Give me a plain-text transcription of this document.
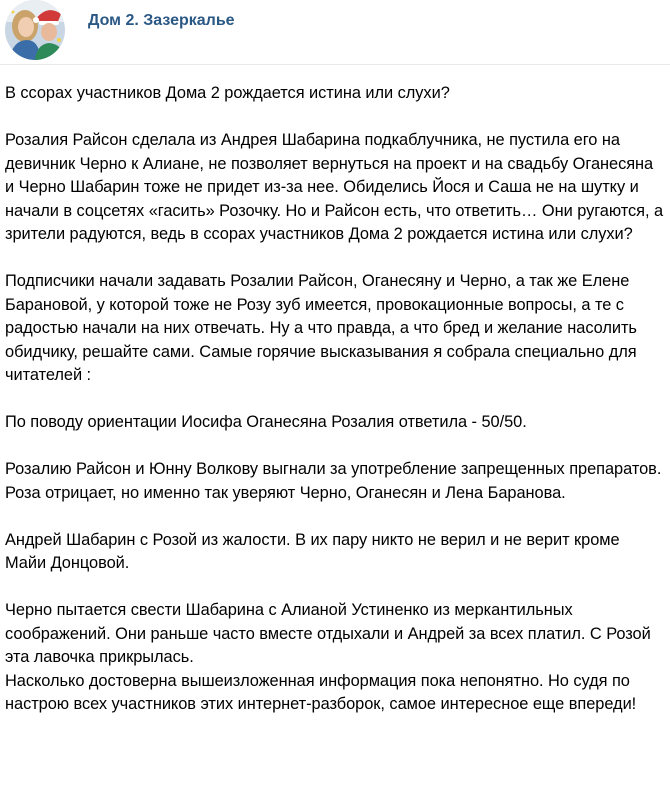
Дом 2. Зазеркалье

В ссорах участников Дома 2 рождается истина или слухи?

Розалия Райсон сделала из Андрея Шабарина подкаблучника, не пустила его на девичник Черно к Алиане, не позволяет вернуться на проект и на свадьбу Оганесяна и Черно Шабарин тоже не придет из-за нее. Обиделись Йося и Саша не на шутку и начали в соцсетях «гасить» Розочку. Но и Райсон есть, что ответить… Они ругаются, а зрители радуются, ведь в ссорах участников Дома 2 рождается истина или слухи?

Подписчики начали задавать Розалии Райсон, Оганесяну и Черно, а так же Елене Барановой, у которой тоже не Розу зуб имеется, провокационные вопросы, а те с радостью начали на них отвечать. Ну а что правда, а что бред и желание насолить обидчику, решайте сами. Самые горячие высказывания я собрала специально для читателей :

По поводу ориентации Иосифа Оганесяна Розалия ответила - 50/50.

Розалию Райсон и Юнну Волкову выгнали за употребление запрещенных препаратов. Роза отрицает, но именно так уверяют Черно, Оганесян и Лена Баранова.

Андрей Шабарин с Розой из жалости. В их пару никто не верил и не верит кроме Майи Донцовой.

Черно пытается свести Шабарина с Алианой Устиненко из меркантильных соображений. Они раньше часто вместе отдыхали и Андрей за всех платил. С Розой эта лавочка прикрылась.

Насколько достоверна вышеизложенная информация пока непонятно. Но судя по настрою всех участников этих интернет-разборок, самое интересное еще впереди!
